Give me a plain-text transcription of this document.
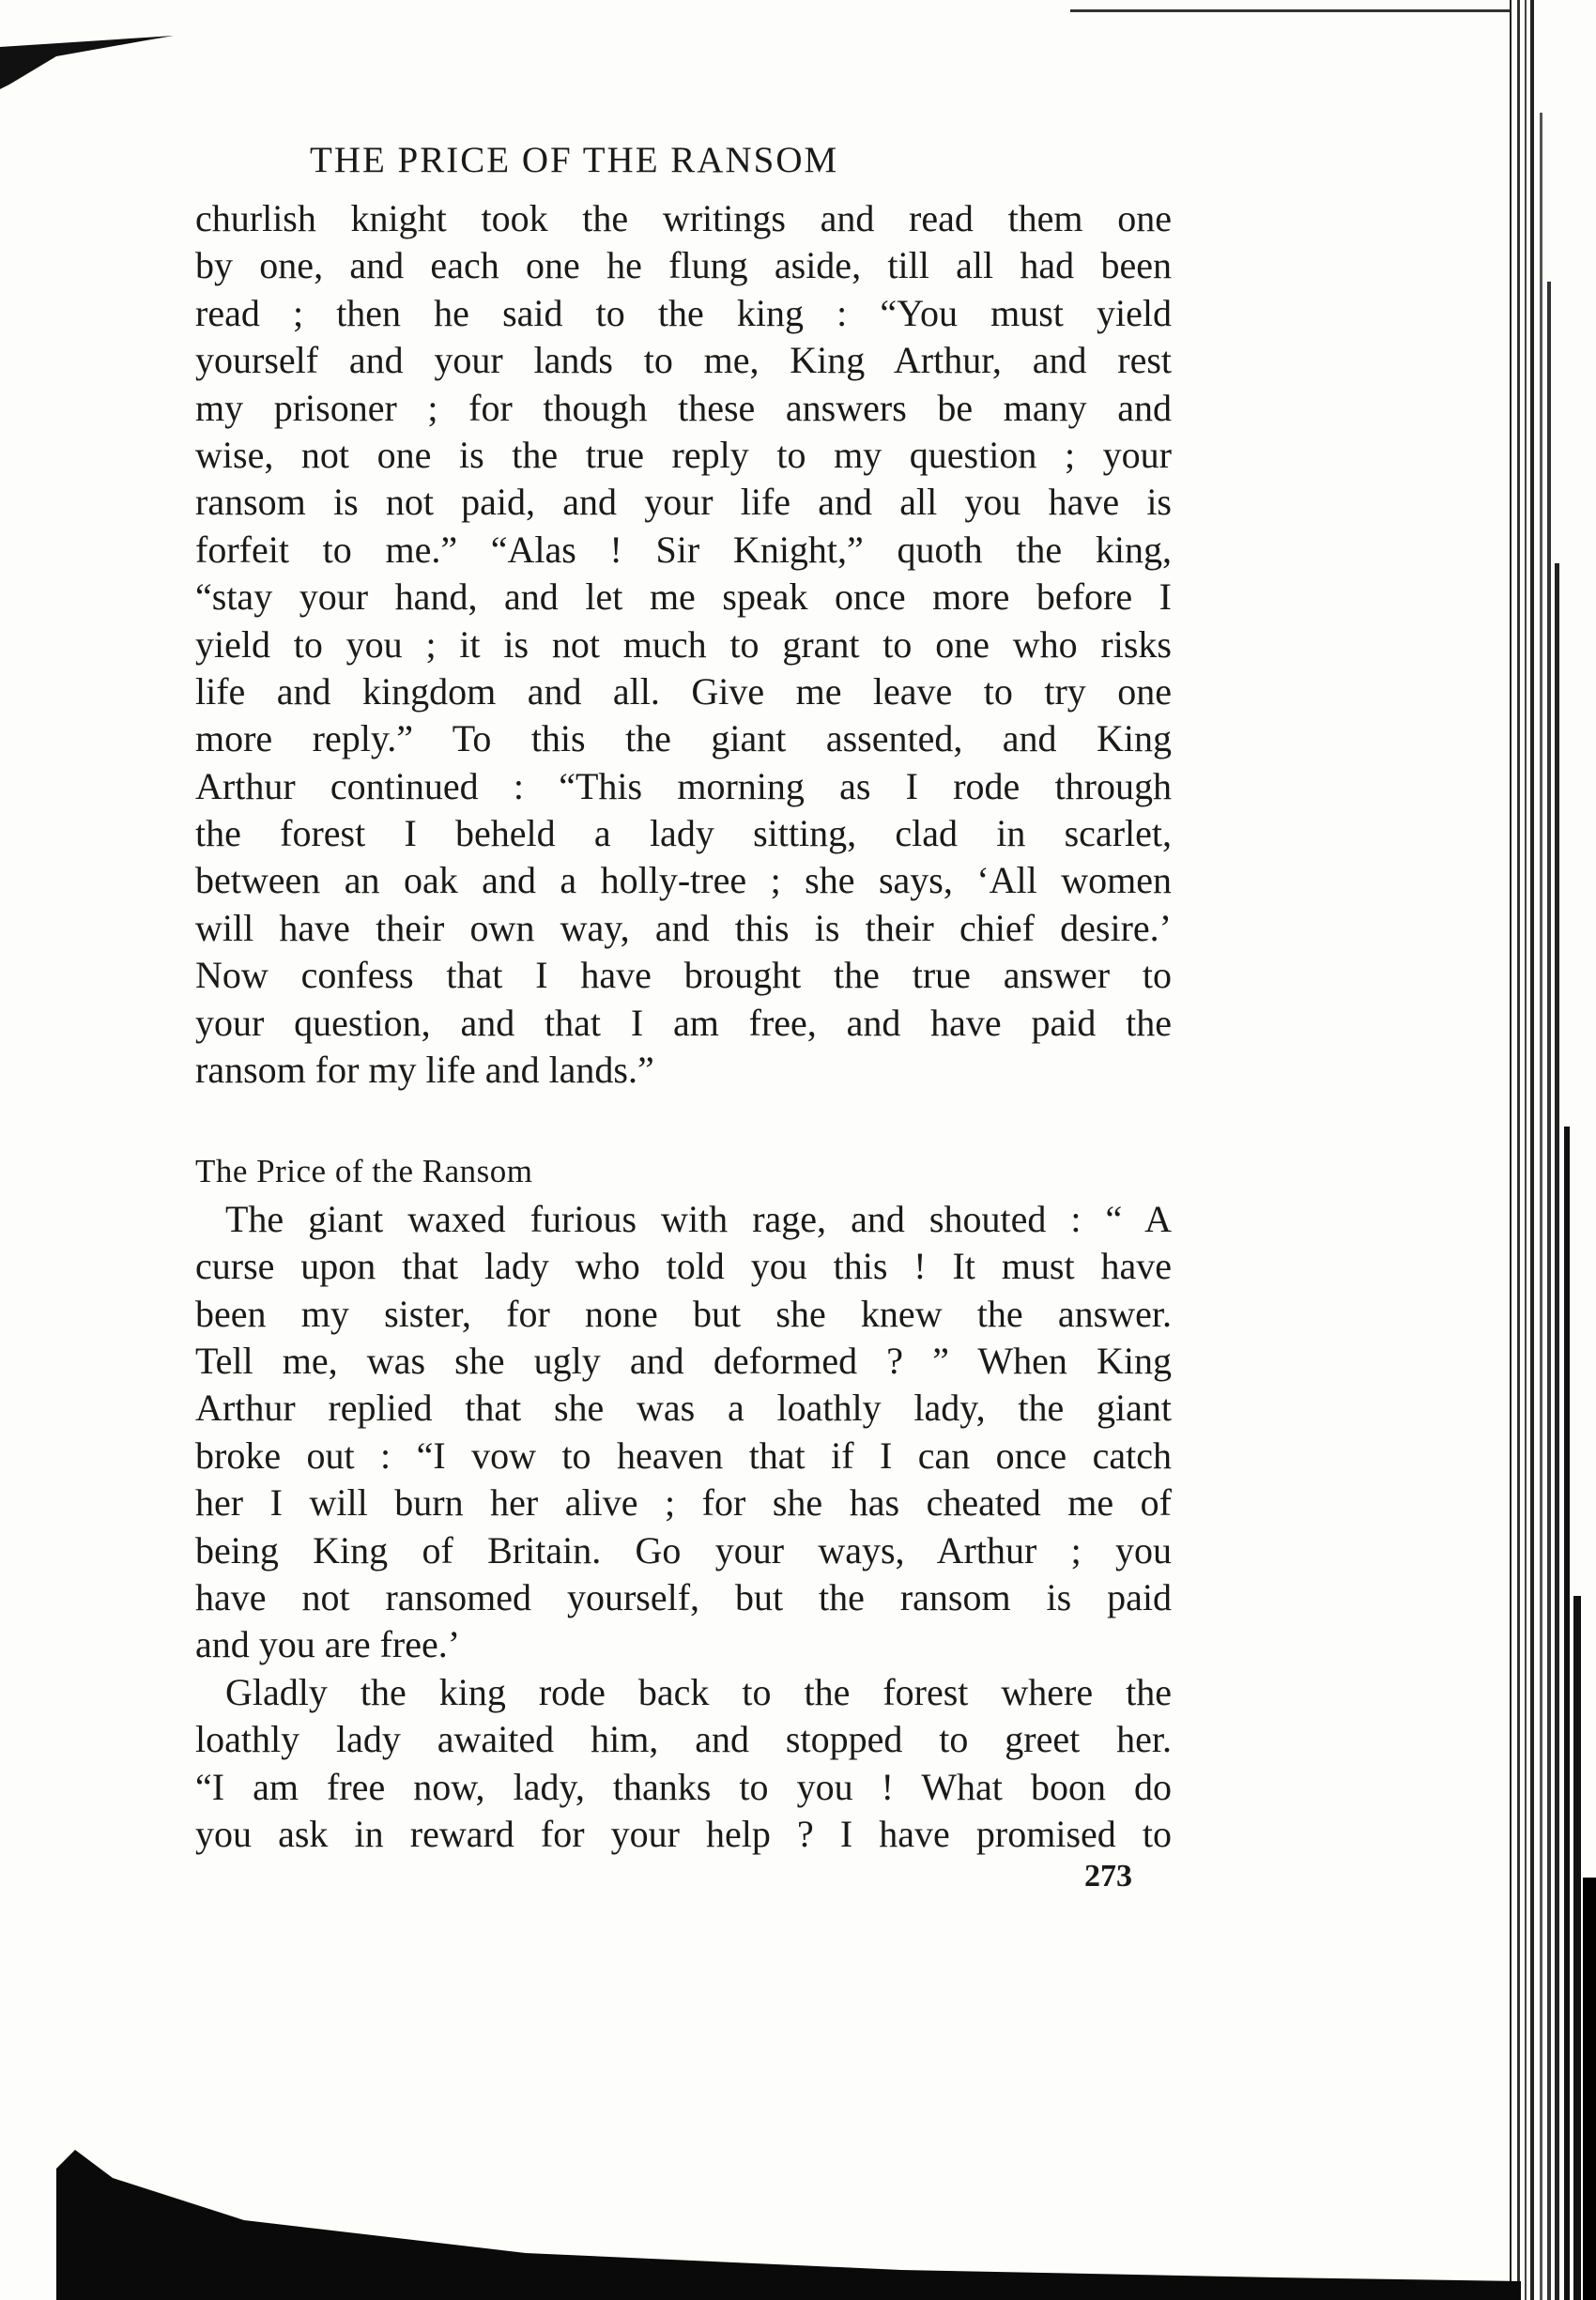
THE PRICE OF THE RANSOM
churlish knight took the writings and read them one
by one, and each one he flung aside, till all had been
read ; then he said to the king : “You must yield
yourself and your lands to me, King Arthur, and rest
my prisoner ; for though these answers be many and
wise, not one is the true reply to my question ; your
ransom is not paid, and your life and all you have is
forfeit to me.” “Alas ! Sir Knight,” quoth the king,
“stay your hand, and let me speak once more before I
yield to you ; it is not much to grant to one who risks
life and kingdom and all. Give me leave to try one
more reply.” To this the giant assented, and King
Arthur continued : “This morning as I rode through
the forest I beheld a lady sitting, clad in scarlet,
between an oak and a holly-tree ; she says, ‘All women
will have their own way, and this is their chief desire.’
Now confess that I have brought the true answer to
your question, and that I am free, and have paid the
ransom for my life and lands.”
The Price of the Ransom
The giant waxed furious with rage, and shouted : “ A
curse upon that lady who told you this ! It must have
been my sister, for none but she knew the answer.
Tell me, was she ugly and deformed ? ” When King
Arthur replied that she was a loathly lady, the giant
broke out : “I vow to heaven that if I can once catch
her I will burn her alive ; for she has cheated me of
being King of Britain. Go your ways, Arthur ; you
have not ransomed yourself, but the ransom is paid
and you are free.’
Gladly the king rode back to the forest where the
loathly lady awaited him, and stopped to greet her.
“I am free now, lady, thanks to you ! What boon do
you ask in reward for your help ? I have promised to
273
